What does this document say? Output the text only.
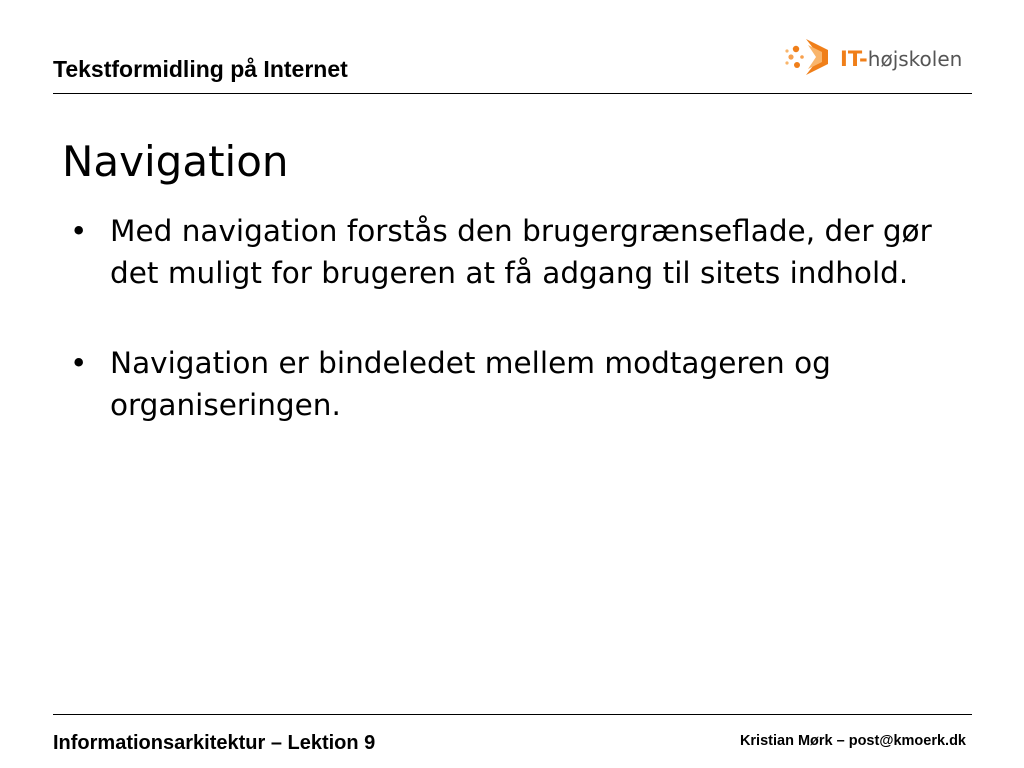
Tekstformidling på Internet	IT-højskolen
Navigation
• Med navigation forstås den brugergrænseflade, der gør det muligt for brugeren at få adgang til sitets indhold.
• Navigation er bindeledet mellem modtageren og organiseringen.
Informationsarkitektur – Lektion 9	Kristian Mørk – post@kmoerk.dk
